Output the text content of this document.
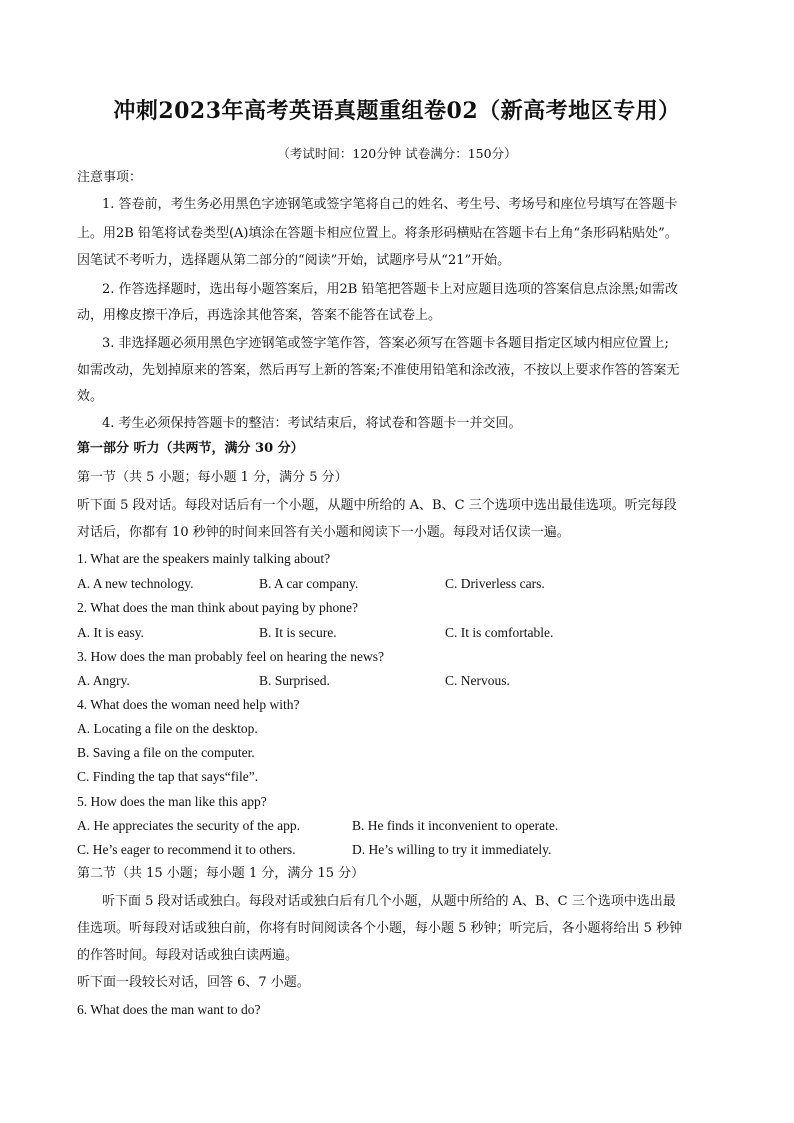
冲刺2023年高考英语真题重组卷02（新高考地区专用）
（考试时间：120分钟 试卷满分：150分）
注意事项：
1. 答卷前，考生务必用黑色字迹钢笔或签字笔将自己的姓名、考生号、考场号和座位号填写在答题卡
上。用2B 铅笔将试卷类型(A)填涂在答题卡相应位置上。将条形码横贴在答题卡右上角“条形码粘贴处”。
因笔试不考听力，选择题从第二部分的“阅读”开始，试题序号从“21”开始。
2. 作答选择题时，选出每小题答案后，用2B 铅笔把答题卡上对应题目选项的答案信息点涂黑;如需改
动，用橡皮擦干净后，再选涂其他答案，答案不能答在试卷上。
3. 非选择题必须用黑色字迹钢笔或签字笔作答，答案必须写在答题卡各题目指定区域内相应位置上;
如需改动，先划掉原来的答案，然后再写上新的答案;不准使用铅笔和涂改液，不按以上要求作答的答案无
效。
4. 考生必须保持答题卡的整洁：考试结束后，将试卷和答题卡一并交回。
第一部分 听力（共两节，满分 30 分）
第一节（共 5 小题；每小题 1 分，满分 5 分）
听下面 5 段对话。每段对话后有一个小题，从题中所给的 A、B、C 三个选项中选出最佳选项。听完每段
对话后，你都有 10 秒钟的时间来回答有关小题和阅读下一小题。每段对话仅读一遍。
1. What are the speakers mainly talking about?
A. A new technology.	B. A car company.	C. Driverless cars.
2. What does the man think about paying by phone?
A. It is easy.	B. It is secure.	C. It is comfortable.
3. How does the man probably feel on hearing the news?
A. Angry.	B. Surprised.	C. Nervous.
4. What does the woman need help with?
A. Locating a file on the desktop.
B. Saving a file on the computer.
C. Finding the tap that says“file”.
5. How does the man like this app?
A. He appreciates the security of the app.	B. He finds it inconvenient to operate.
C. He’s eager to recommend it to others.	D. He’s willing to try it immediately.
第二节（共 15 小题；每小题 1 分，满分 15 分）
听下面 5 段对话或独白。每段对话或独白后有几个小题，从题中所给的 A、B、C 三个选项中选出最
佳选项。听每段对话或独白前，你将有时间阅读各个小题，每小题 5 秒钟；听完后，各小题将给出 5 秒钟
的作答时间。每段对话或独白读两遍。
听下面一段较长对话，回答 6、7 小题。
6. What does the man want to do?
